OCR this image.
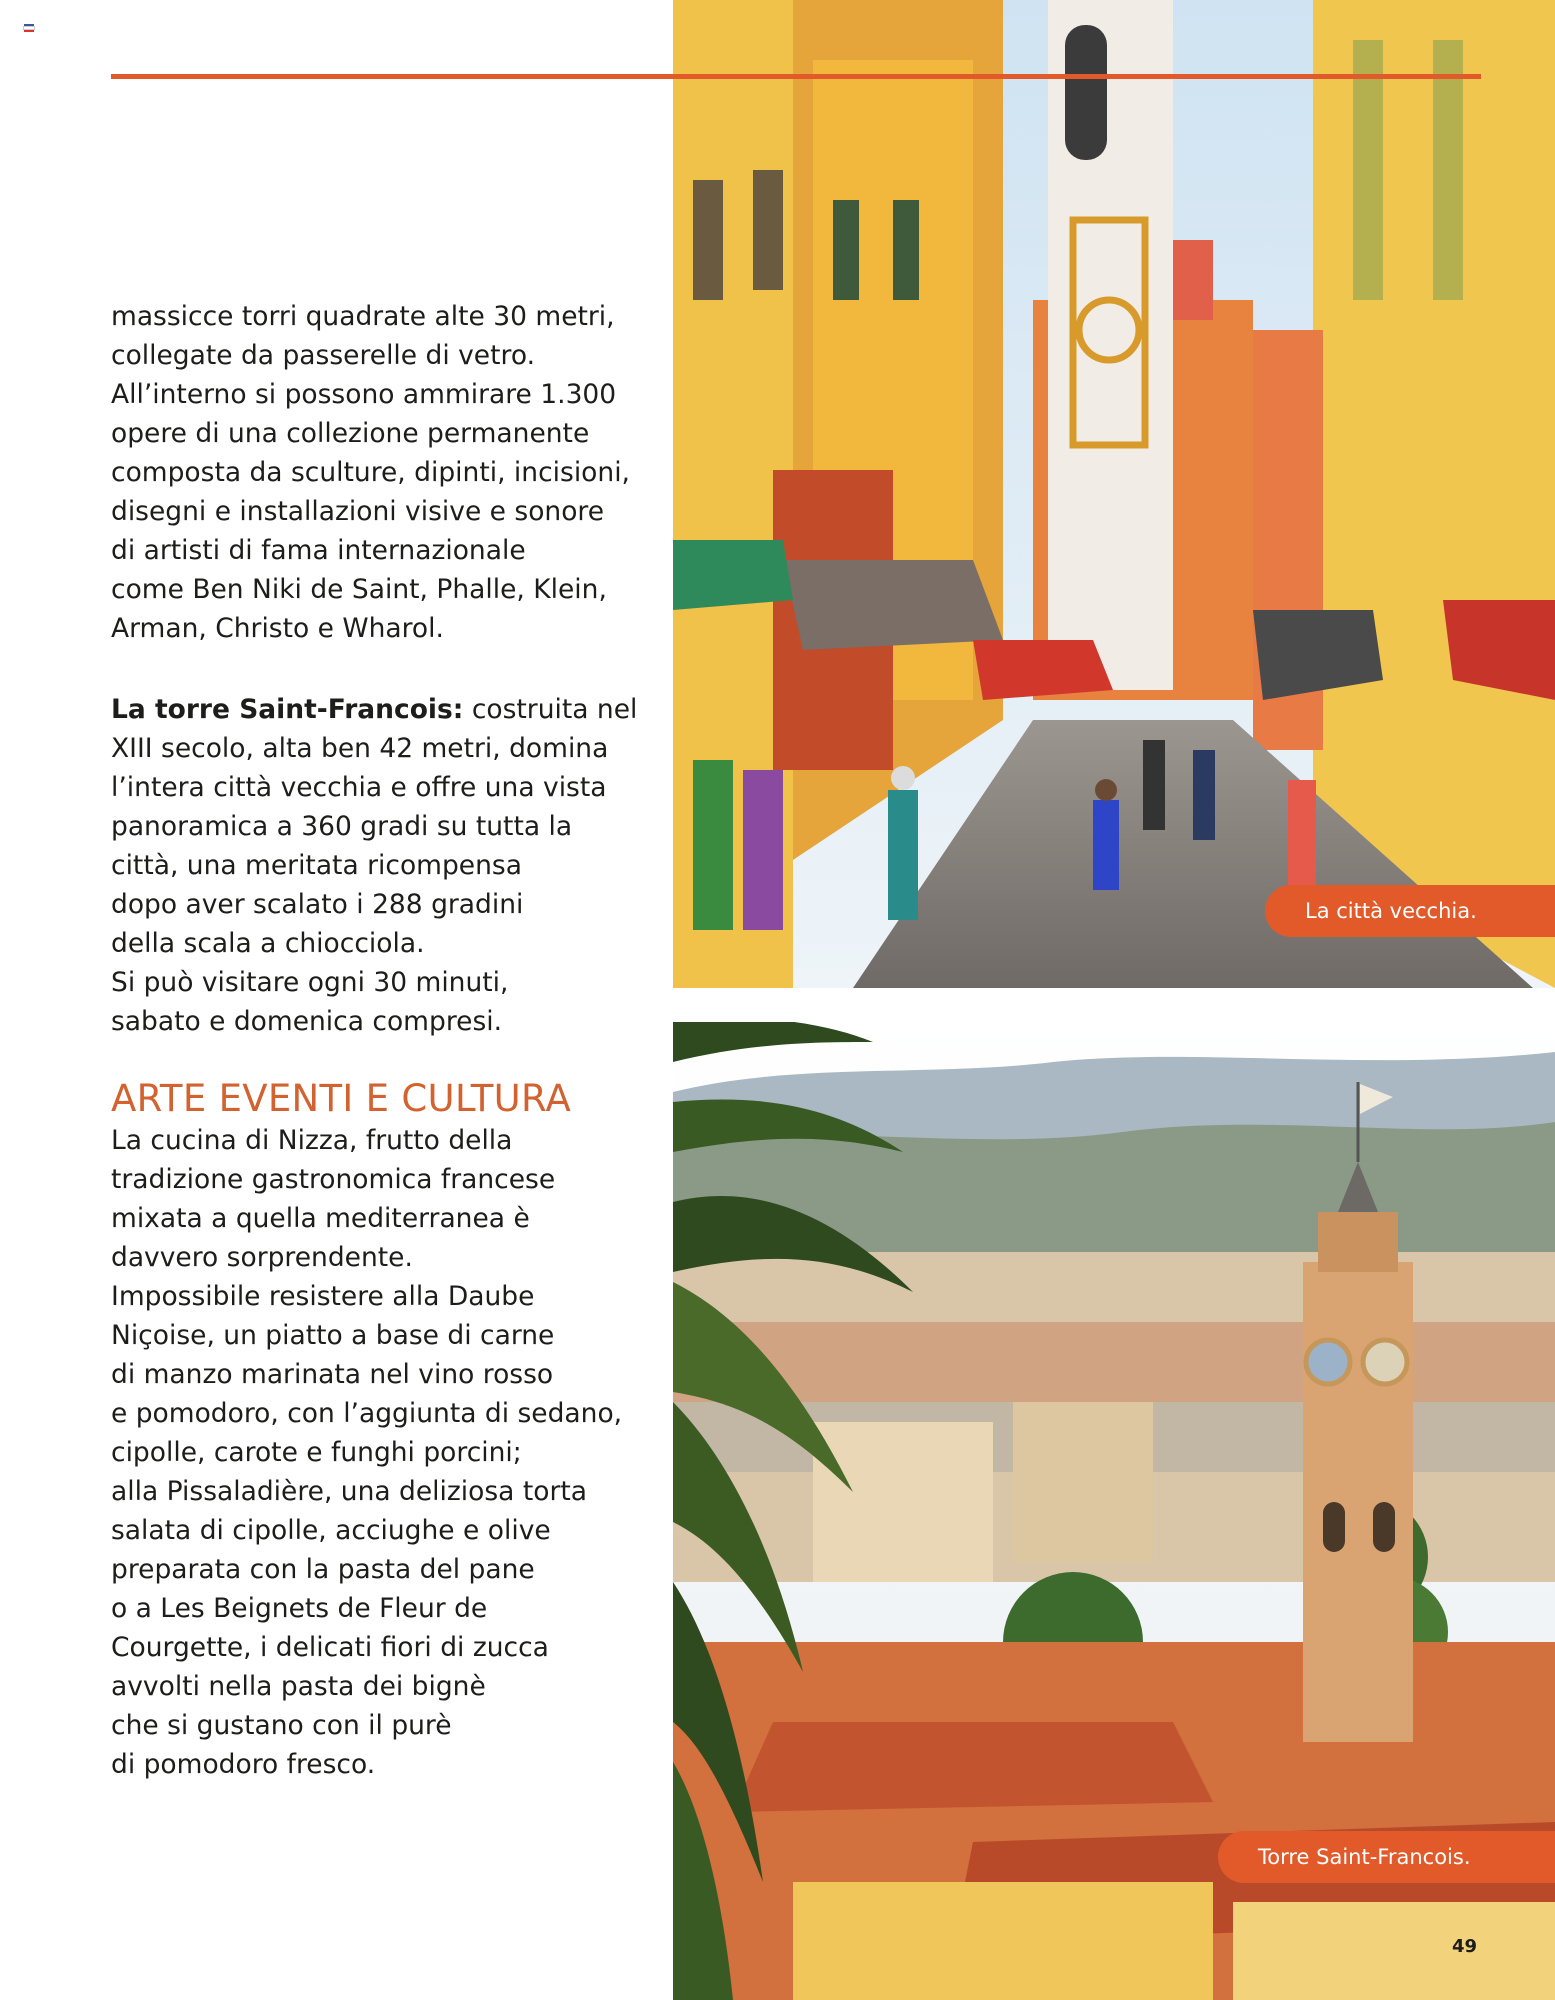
massicce torri quadrate alte 30 metri,
collegate da passerelle di vetro.
All’interno si possono ammirare 1.300
opere di una collezione permanente
composta da sculture, dipinti, incisioni,
disegni e installazioni visive e sonore
di artisti di fama internazionale
come Ben Niki de Saint, Phalle, Klein,
Arman, Christo e Wharol.
La torre Saint-Francois: costruita nel
XIII secolo, alta ben 42 metri, domina
l’intera città vecchia e offre una vista
panoramica a 360 gradi su tutta la
città, una meritata ricompensa
dopo aver scalato i 288 gradini
della scala a chiocciola.
Si può visitare ogni 30 minuti,
sabato e domenica compresi.
ARTE EVENTI E CULTURA
La cucina di Nizza, frutto della
tradizione gastronomica francese
mixata a quella mediterranea è
davvero sorprendente.
Impossibile resistere alla Daube
Niçoise, un piatto a base di carne
di manzo marinata nel vino rosso
e pomodoro, con l’aggiunta di sedano,
cipolle, carote e funghi porcini;
alla Pissaladière, una deliziosa torta
salata di cipolle, acciughe e olive
preparata con la pasta del pane
o a Les Beignets de Fleur de
Courgette, i delicati fiori di zucca
avvolti nella pasta dei bignè
che si gustano con il purè
di pomodoro fresco.
La città vecchia.
Torre Saint-Francois.
49
